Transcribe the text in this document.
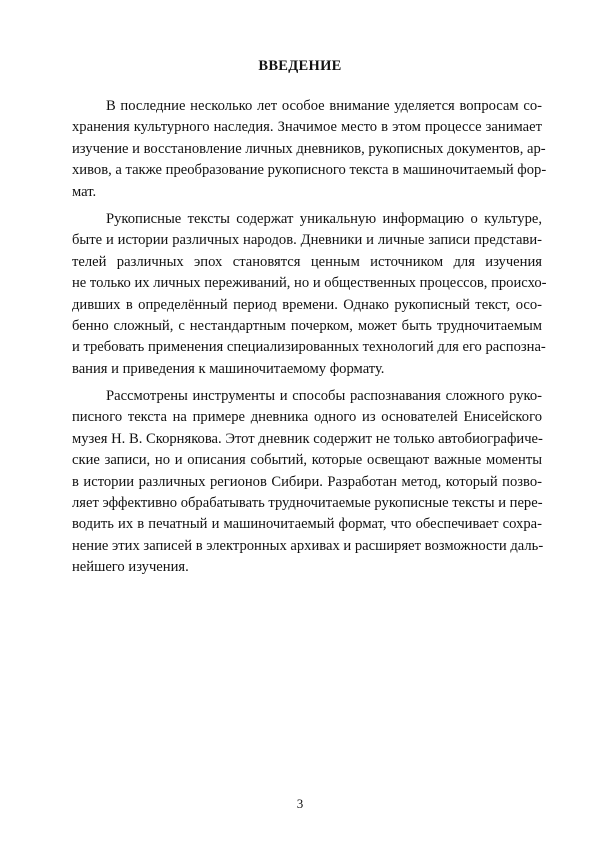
ВВЕДЕНИЕ

В последние несколько лет особое внимание уделяется вопросам со-
хранения культурного наследия. Значимое место в этом процессе занимает
изучение и восстановление личных дневников, рукописных документов, ар-
хивов, а также преобразование рукописного текста в машиночитаемый фор-
мат.

Рукописные тексты содержат уникальную информацию о культуре,
быте и истории различных народов. Дневники и личные записи представи-
телей различных эпох становятся ценным источником для изучения
не только их личных переживаний, но и общественных процессов, происхо-
дивших в определённый период времени. Однако рукописный текст, осо-
бенно сложный, с нестандартным почерком, может быть трудночитаемым
и требовать применения специализированных технологий для его распозна-
вания и приведения к машиночитаемому формату.

Рассмотрены инструменты и способы распознавания сложного руко-
писного текста на примере дневника одного из основателей Енисейского
музея Н. В. Скорнякова. Этот дневник содержит не только автобиографиче-
ские записи, но и описания событий, которые освещают важные моменты
в истории различных регионов Сибири. Разработан метод, который позво-
ляет эффективно обрабатывать трудночитаемые рукописные тексты и пере-
водить их в печатный и машиночитаемый формат, что обеспечивает сохра-
нение этих записей в электронных архивах и расширяет возможности даль-
нейшего изучения.

3
